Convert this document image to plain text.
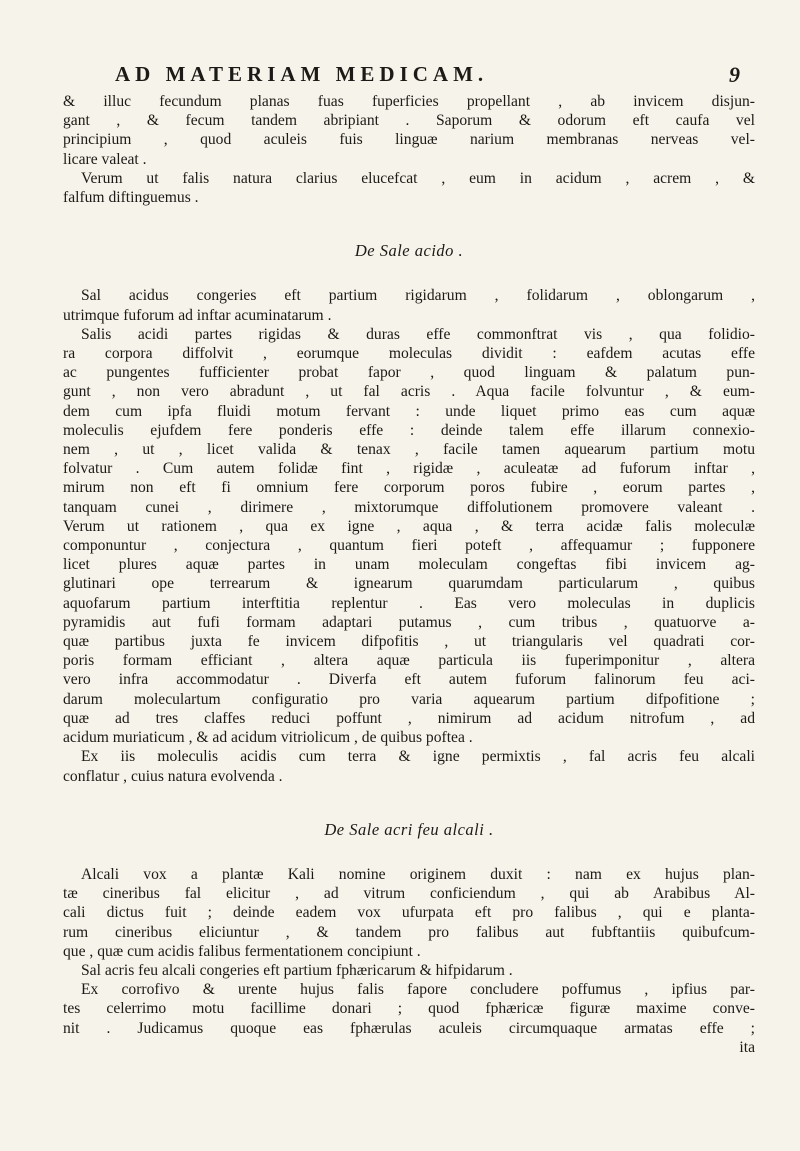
AD MATERIAM MEDICAM.	9
& illuc fecundum planas fuas fuperficies propellant , ab invicem disjun-
gant , & fecum tandem abripiant . Saporum & odorum eft caufa vel
principium , quod aculeis fuis linguæ narium membranas nerveas vel-
licare valeat .
Verum ut falis natura clarius elucefcat , eum in acidum , acrem , &
falfum diftinguemus .
De Sale acido .
Sal acidus congeries eft partium rigidarum , folidarum , oblongarum ,
utrimque fuforum ad inftar acuminatarum .
Salis acidi partes rigidas & duras effe commonftrat vis , qua folidio-
ra corpora diffolvit , eorumque moleculas dividit : eafdem acutas effe
ac pungentes fufficienter probat fapor , quod linguam & palatum pun-
gunt , non vero abradunt , ut fal acris . Aqua facile folvuntur , & eum-
dem cum ipfa fluidi motum fervant : unde liquet primo eas cum aquæ
moleculis ejufdem fere ponderis effe : deinde talem effe illarum connexio-
nem , ut , licet valida & tenax , facile tamen aquearum partium motu
folvatur . Cum autem folidæ fint , rigidæ , aculeatæ ad fuforum inftar ,
mirum non eft fi omnium fere corporum poros fubire , eorum partes ,
tanquam cunei , dirimere , mixtorumque diffolutionem promovere valeant .
Verum ut rationem , qua ex igne , aqua , & terra acidæ falis moleculæ
componuntur , conjectura , quantum fieri poteft , affequamur ; fupponere
licet plures aquæ partes in unam moleculam congeftas fibi invicem ag-
glutinari ope terrearum & ignearum quarumdam particularum , quibus
aquofarum partium interftitia replentur . Eas vero moleculas in duplicis
pyramidis aut fufi formam adaptari putamus , cum tribus , quatuorve a-
quæ partibus juxta fe invicem difpofitis , ut triangularis vel quadrati cor-
poris formam efficiant , altera aquæ particula iis fuperimponitur , altera
vero infra accommodatur . Diverfa eft autem fuforum falinorum feu aci-
darum moleculartum configuratio pro varia aquearum partium difpofitione ;
quæ ad tres claffes reduci poffunt , nimirum ad acidum nitrofum , ad
acidum muriaticum , & ad acidum vitriolicum , de quibus poftea .
Ex iis moleculis acidis cum terra & igne permixtis , fal acris feu alcali
conflatur , cuius natura evolvenda .
De Sale acri feu alcali .
Alcali vox a plantæ Kali nomine originem duxit : nam ex hujus plan-
tæ cineribus fal elicitur , ad vitrum conficiendum , qui ab Arabibus Al-
cali dictus fuit ; deinde eadem vox ufurpata eft pro falibus , qui e planta-
rum cineribus eliciuntur , & tandem pro falibus aut fubftantiis quibufcum-
que , quæ cum acidis falibus fermentationem concipiunt .
Sal acris feu alcali congeries eft partium fphæricarum & hifpidarum .
Ex corrofivo & urente hujus falis fapore concludere poffumus , ipfius par-
tes celerrimo motu facillime donari ; quod fphæricæ figuræ maxime conve-
nit . Judicamus quoque eas fphærulas aculeis circumquaque armatas effe ;
ita
